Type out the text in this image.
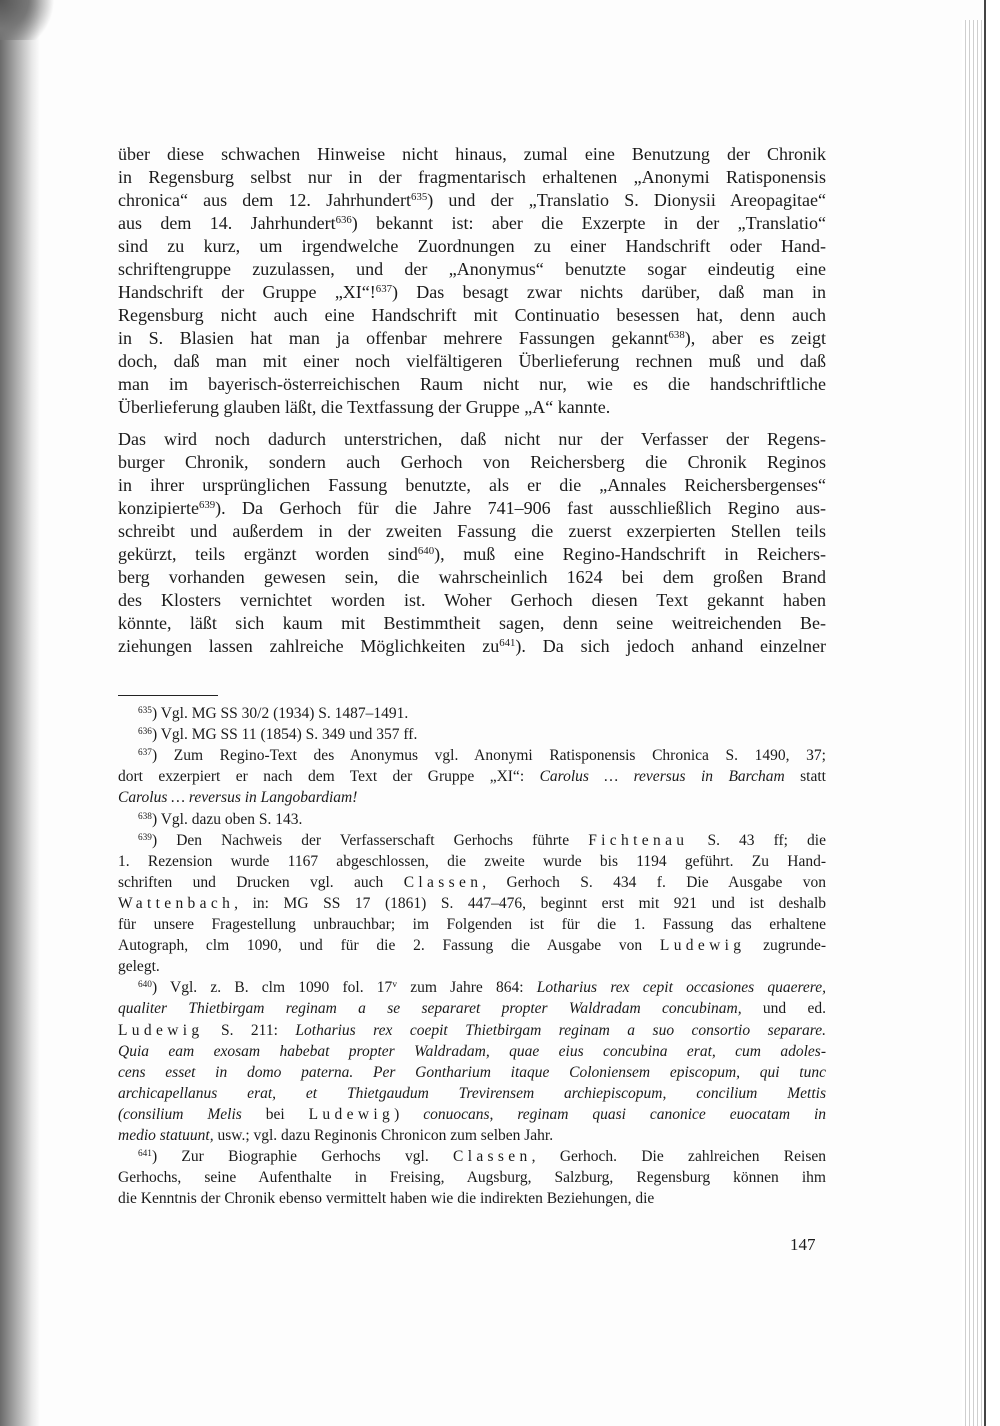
über diese schwachen Hinweise nicht hinaus, zumal eine Benutzung der Chronik
in Regensburg selbst nur in der fragmentarisch erhaltenen „Anonymi Ratisponensis
chronica“ aus dem 12. Jahrhundert$^{635}$) und der „Translatio S. Dionysii Areopagitae“
aus dem 14. Jahrhundert$^{636}$) bekannt ist: aber die Exzerpte in der „Translatio“
sind zu kurz, um irgendwelche Zuordnungen zu einer Handschrift oder Hand-
schriftengruppe zuzulassen, und der „Anonymus“ benutzte sogar eindeutig eine
Handschrift der Gruppe „XI“!$^{637}$) Das besagt zwar nichts darüber, daß man in
Regensburg nicht auch eine Handschrift mit Continuatio besessen hat, denn auch
in S. Blasien hat man ja offenbar mehrere Fassungen gekannt$^{638}$), aber es zeigt
doch, daß man mit einer noch vielfältigeren Überlieferung rechnen muß und daß
man im bayerisch-österreichischen Raum nicht nur, wie es die handschriftliche
Überlieferung glauben läßt, die Textfassung der Gruppe „A“ kannte.
Das wird noch dadurch unterstrichen, daß nicht nur der Verfasser der Regens-
burger Chronik, sondern auch Gerhoch von Reichersberg die Chronik Reginos
in ihrer ursprünglichen Fassung benutzte, als er die „Annales Reichersbergenses“
konzipierte$^{639}$). Da Gerhoch für die Jahre 741–906 fast ausschließlich Regino aus-
schreibt und außerdem in der zweiten Fassung die zuerst exzerpierten Stellen teils
gekürzt, teils ergänzt worden sind$^{640}$), muß eine Regino-Handschrift in Reichers-
berg vorhanden gewesen sein, die wahrscheinlich 1624 bei dem großen Brand
des Klosters vernichtet worden ist. Woher Gerhoch diesen Text gekannt haben
könnte, läßt sich kaum mit Bestimmtheit sagen, denn seine weitreichenden Be-
ziehungen lassen zahlreiche Möglichkeiten $zu^{641}$). Da sich jedoch anhand einzelner
$^{635}$) Vgl. MG SS 30/2 (1934) S. 1487–1491.
$^{636}$) Vgl. MG SS 11 (1854) S. 349 und 357 ff.
$^{637}$) Zum Regino-Text des Anonymus vgl. Anonymi Ratisponensis Chronica S. 1490, 37;
dort exzerpiert er nach dem Text der Gruppe „XI“: Carolus … reversus in Barcham statt
Carolus … reversus in Langobardiam!
$^{638}$) Vgl. dazu oben S. 143.
$^{639}$) Den Nachweis der Verfasserschaft Gerhochs führte Fichtenau S. 43 ff; die
1. Rezension wurde 1167 abgeschlossen, die zweite wurde bis 1194 geführt. Zu Hand-
schriften und Drucken vgl. auch Classen, Gerhoch S. 434 f. Die Ausgabe von
Wattenbach, in: MG SS 17 (1861) S. 447–476, beginnt erst mit 921 und ist deshalb
für unsere Fragestellung unbrauchbar; im Folgenden ist für die 1. Fassung das erhaltene
Autograph, clm 1090, und für die 2. Fassung die Ausgabe von Ludewig zugrunde-
gelegt.
$^{640}$) Vgl. z. B. clm 1090 fol. 17$^v$ zum Jahre 864: Lotharius rex cepit occasiones quaerere,
qualiter Thietbirgam reginam a se separaret propter Waldradam concubinam, und ed.
Ludewig S. 211: Lotharius rex coepit Thietbirgam reginam a suo consortio separare.
Quia eam exosam habebat propter Waldradam, quae eius concubina erat, cum adoles-
cens esset in domo paterna. Per Gontharium itaque Coloniensem episcopum, qui tunc
archicapellanus erat, et Thietgaudum Trevirensem archiepiscopum, concilium Mettis
(consilium Melis bei Ludewig) conuocans, reginam quasi canonice euocatam in
medio statuunt, usw.; vgl. dazu Reginonis Chronicon zum selben Jahr.
$^{641}$) Zur Biographie Gerhochs vgl. Classen, Gerhoch. Die zahlreichen Reisen
Gerhochs, seine Aufenthalte in Freising, Augsburg, Salzburg, Regensburg können ihm
die Kenntnis der Chronik ebenso vermittelt haben wie die indirekten Beziehungen, die
147
